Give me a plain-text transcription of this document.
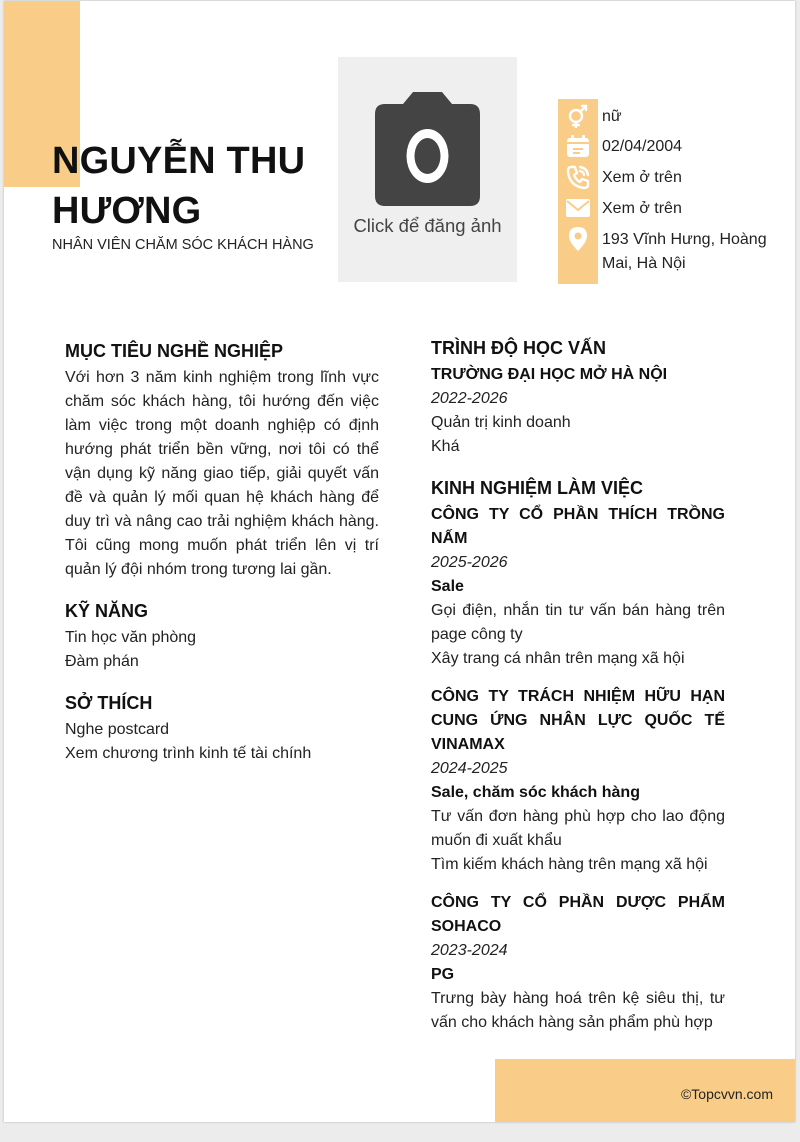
NGUYỄN THU HƯƠNG
NHÂN VIÊN CHĂM SÓC KHÁCH HÀNG
Click để đăng ảnh
nữ
02/04/2004
Xem ở trên
Xem ở trên
193 Vĩnh Hưng, Hoàng Mai, Hà Nội
MỤC TIÊU NGHỀ NGHIỆP
Với hơn 3 năm kinh nghiệm trong lĩnh vực chăm sóc khách hàng, tôi hướng đến việc làm việc trong một doanh nghiệp có định hướng phát triển bền vững, nơi tôi có thể vận dụng kỹ năng giao tiếp, giải quyết vấn đề và quản lý mối quan hệ khách hàng để duy trì và nâng cao trải nghiệm khách hàng. Tôi cũng mong muốn phát triển lên vị trí quản lý đội nhóm trong tương lai gần.
KỸ NĂNG
Tin học văn phòng
Đàm phán
SỞ THÍCH
Nghe postcard
Xem chương trình kinh tế tài chính
TRÌNH ĐỘ HỌC VẤN
TRƯỜNG ĐẠI HỌC MỞ HÀ NỘI
2022-2026
Quản trị kinh doanh
Khá
KINH NGHIỆM LÀM VIỆC
CÔNG TY CỔ PHẦN THÍCH TRỒNG NẤM
2025-2026
Sale
Gọi điện, nhắn tin tư vấn bán hàng trên page công ty
Xây trang cá nhân trên mạng xã hội
CÔNG TY TRÁCH NHIỆM HỮU HẠN CUNG ỨNG NHÂN LỰC QUỐC TẾ VINAMAX
2024-2025
Sale, chăm sóc khách hàng
Tư vấn đơn hàng phù hợp cho lao động muốn đi xuất khẩu
Tìm kiếm khách hàng trên mạng xã hội
CÔNG TY CỔ PHẦN DƯỢC PHẨM SOHACO
2023-2024
PG
Trưng bày hàng hoá trên kệ siêu thị, tư vấn cho khách hàng sản phẩm phù hợp
©Topcvvn.com
